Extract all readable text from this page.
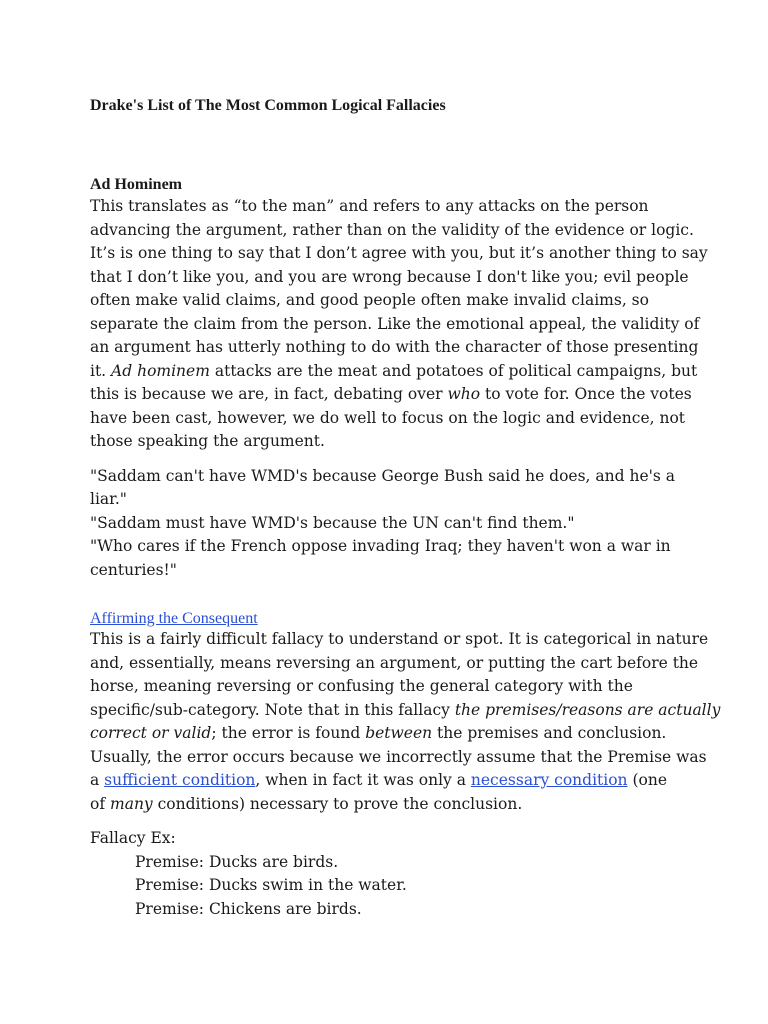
Drake's List of The Most Common Logical Fallacies
Ad Hominem

This translates as “to the man” and refers to any attacks on the person
advancing the argument, rather than on the validity of the evidence or logic.
It’s is one thing to say that I don’t agree with you, but it’s another thing to say
that I don’t like you, and you are wrong because I don't like you; evil people
often make valid claims, and good people often make invalid claims, so
separate the claim from the person. Like the emotional appeal, the validity of
an argument has utterly nothing to do with the character of those presenting
it. Ad hominem attacks are the meat and potatoes of political campaigns, but
this is because we are, in fact, debating over who to vote for. Once the votes
have been cast, however, we do well to focus on the logic and evidence, not
those speaking the argument.

"Saddam can't have WMD's because George Bush said he does, and he's a
liar."
"Saddam must have WMD's because the UN can't find them."
"Who cares if the French oppose invading Iraq; they haven't won a war in
centuries!"

Affirming the Consequent

This is a fairly difficult fallacy to understand or spot. It is categorical in nature
and, essentially, means reversing an argument, or putting the cart before the
horse, meaning reversing or confusing the general category with the
specific/sub-category. Note that in this fallacy the premises/reasons are actually
correct or valid; the error is found between the premises and conclusion.
Usually, the error occurs because we incorrectly assume that the Premise was
a sufficient condition, when in fact it was only a necessary condition (one
of many conditions) necessary to prove the conclusion.

Fallacy Ex:
Premise: Ducks are birds.
Premise: Ducks swim in the water.
Premise: Chickens are birds.
